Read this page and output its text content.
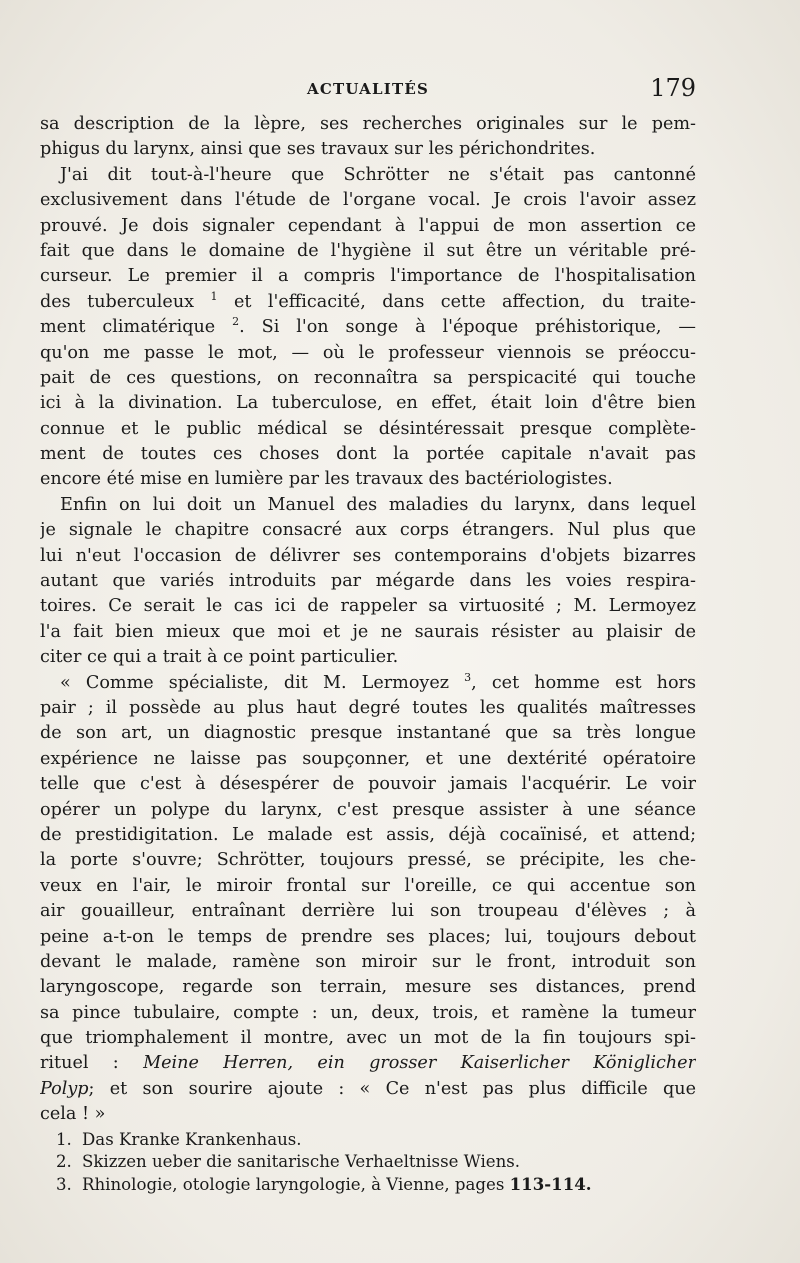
ACTUALITÉS	179
sa description de la lèpre, ses recherches originales sur le pem-
phigus du larynx, ainsi que ses travaux sur les périchondrites.
J'ai dit tout-à-l'heure que Schrötter ne s'était pas cantonné
exclusivement dans l'étude de l'organe vocal. Je crois l'avoir assez
prouvé. Je dois signaler cependant à l'appui de mon assertion ce
fait que dans le domaine de l'hygiène il sut être un véritable pré-
curseur. Le premier il a compris l'importance de l'hospitalisation
des tuberculeux $^1$ et l'efficacité, dans cette affection, du traite-
ment climatérique $^2$. Si l'on songe à l'époque préhistorique, —
qu'on me passe le mot, — où le professeur viennois se préoccu-
pait de ces questions, on reconnaîtra sa perspicacité qui touche
ici à la divination. La tuberculose, en effet, était loin d'être bien
connue et le public médical se désintéressait presque complète-
ment de toutes ces choses dont la portée capitale n'avait pas
encore été mise en lumière par les travaux des bactériologistes.
Enfin on lui doit un Manuel des maladies du larynx, dans lequel
je signale le chapitre consacré aux corps étrangers. Nul plus que
lui n'eut l'occasion de délivrer ses contemporains d'objets bizarres
autant que variés introduits par mégarde dans les voies respira-
toires. Ce serait le cas ici de rappeler sa virtuosité ; M. Lermoyez
l'a fait bien mieux que moi et je ne saurais résister au plaisir de
citer ce qui a trait à ce point particulier.
« Comme spécialiste, dit M. Lermoyez $^3$, cet homme est hors
pair ; il possède au plus haut degré toutes les qualités maîtresses
de son art, un diagnostic presque instantané que sa très longue
expérience ne laisse pas soupçonner, et une dextérité opératoire
telle que c'est à désespérer de pouvoir jamais l'acquérir. Le voir
opérer un polype du larynx, c'est presque assister à une séance
de prestidigitation. Le malade est assis, déjà cocaïnisé, et attend;
la porte s'ouvre; Schrötter, toujours pressé, se précipite, les che-
veux en l'air, le miroir frontal sur l'oreille, ce qui accentue son
air gouailleur, entraînant derrière lui son troupeau d'élèves ; à
peine a-t-on le temps de prendre ses places; lui, toujours debout
devant le malade, ramène son miroir sur le front, introduit son
laryngoscope, regarde son terrain, mesure ses distances, prend
sa pince tubulaire, compte : un, deux, trois, et ramène la tumeur
que triomphalement il montre, avec un mot de la fin toujours spi-
rituel : Meine Herren, ein grosser Kaiserlicher Königlicher
Polyp; et son sourire ajoute : « Ce n'est pas plus difficile que
cela ! »
1. Das Kranke Krankenhaus.
2. Skizzen ueber die sanitarische Verhaeltnisse Wiens.
3. Rhinologie, otologie laryngologie, à Vienne, pages 113-114.
